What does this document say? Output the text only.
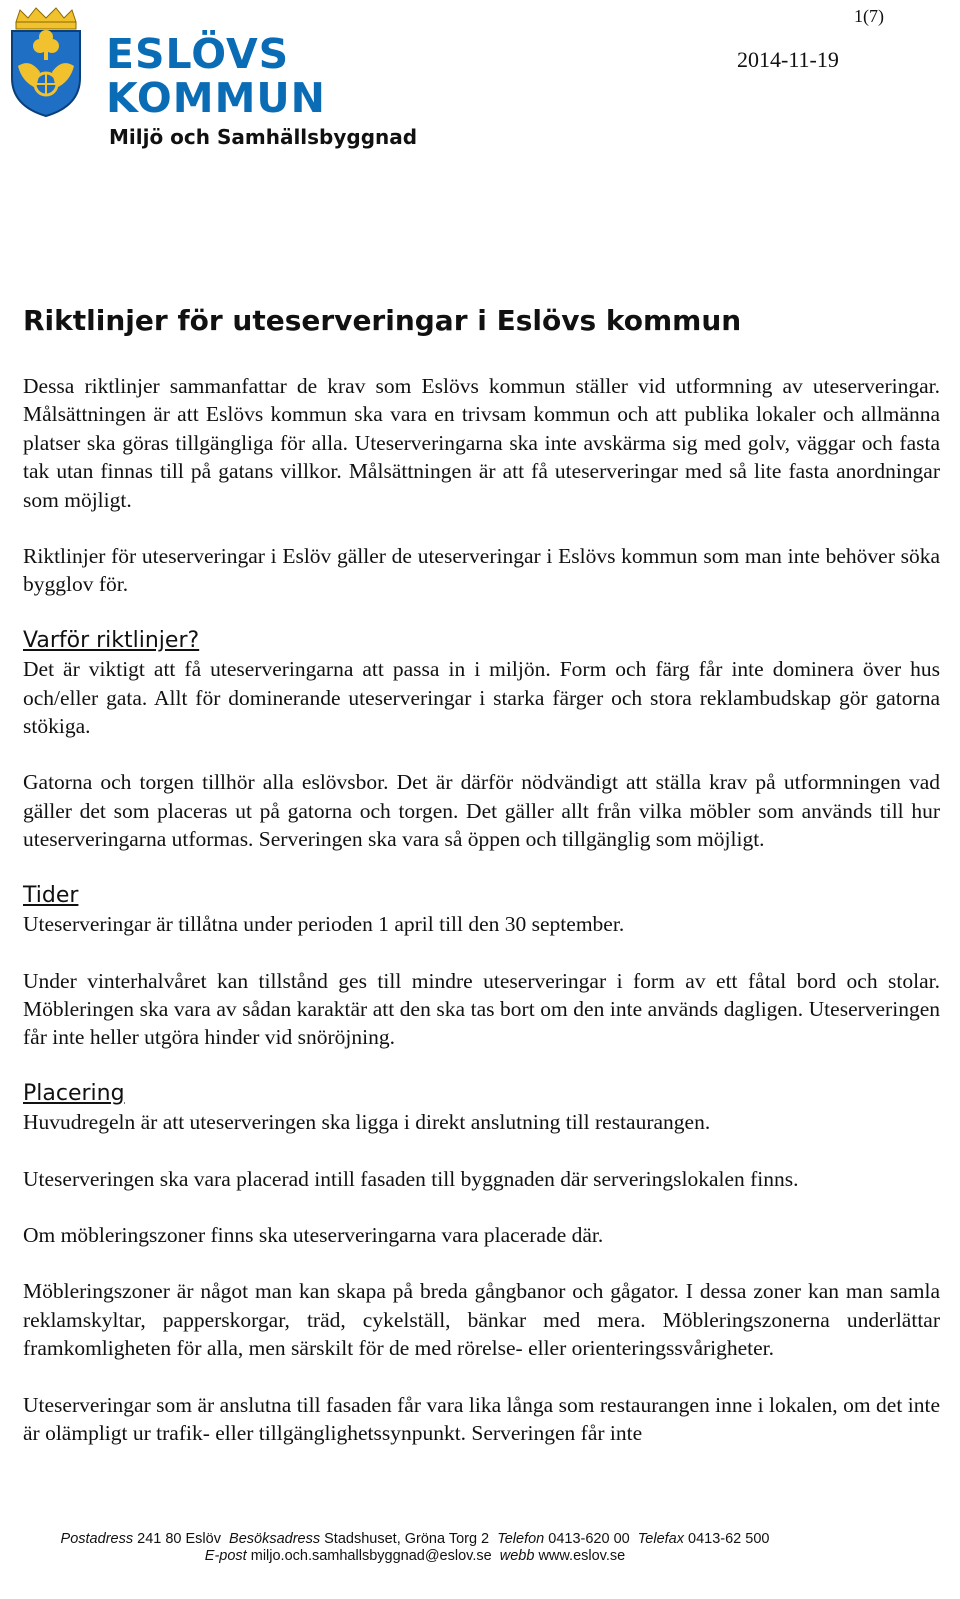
ESLÖVS
KOMMUN
Miljö och Samhällsbyggnad
1(7)
2014-11-19
Riktlinjer för uteserveringar i Eslövs kommun

Dessa riktlinjer sammanfattar de krav som Eslövs kommun ställer vid utformning av uteserveringar. Målsättningen är att Eslövs kommun ska vara en trivsam kommun och att publika lokaler och allmänna platser ska göras tillgängliga för alla. Uteserveringarna ska inte avskärma sig med golv, väggar och fasta tak utan finnas till på gatans villkor. Målsättningen är att få uteserveringar med så lite fasta anordningar som möjligt.

Riktlinjer för uteserveringar i Eslöv gäller de uteserveringar i Eslövs kommun som man inte behöver söka bygglov för.

Varför riktlinjer?

Det är viktigt att få uteserveringarna att passa in i miljön. Form och färg får inte dominera över hus och/eller gata. Allt för dominerande uteserveringar i starka färger och stora reklambudskap gör gatorna stökiga.

Gatorna och torgen tillhör alla eslövsbor. Det är därför nödvändigt att ställa krav på utformningen vad gäller det som placeras ut på gatorna och torgen. Det gäller allt från vilka möbler som används till hur uteserveringarna utformas. Serveringen ska vara så öppen och tillgänglig som möjligt.

Tider

Uteserveringar är tillåtna under perioden 1 april till den 30 september.

Under vinterhalvåret kan tillstånd ges till mindre uteserveringar i form av ett fåtal bord och stolar. Möbleringen ska vara av sådan karaktär att den ska tas bort om den inte används dagligen. Uteserveringen får inte heller utgöra hinder vid snöröjning.

Placering

Huvudregeln är att uteserveringen ska ligga i direkt anslutning till restaurangen.

Uteserveringen ska vara placerad intill fasaden till byggnaden där serveringslokalen finns.

Om möbleringszoner finns ska uteserveringarna vara placerade där.

Möbleringszoner är något man kan skapa på breda gångbanor och gågator. I dessa zoner kan man samla reklamskyltar, papperskorgar, träd, cykelställ, bänkar med mera. Möbleringszonerna underlättar framkomligheten för alla, men särskilt för de med rörelse- eller orienteringssvårigheter.

Uteserveringar som är anslutna till fasaden får vara lika långa som restaurangen inne i lokalen, om det inte är olämpligt ur trafik- eller tillgänglighetssynpunkt. Serveringen får inte

Postadress 241 80 Eslöv Besöksadress Stadshuset, Gröna Torg 2 Telefon 0413-620 00 Telefax 0413-62 500
E-post miljo.och.samhallsbyggnad@eslov.se webb www.eslov.se
